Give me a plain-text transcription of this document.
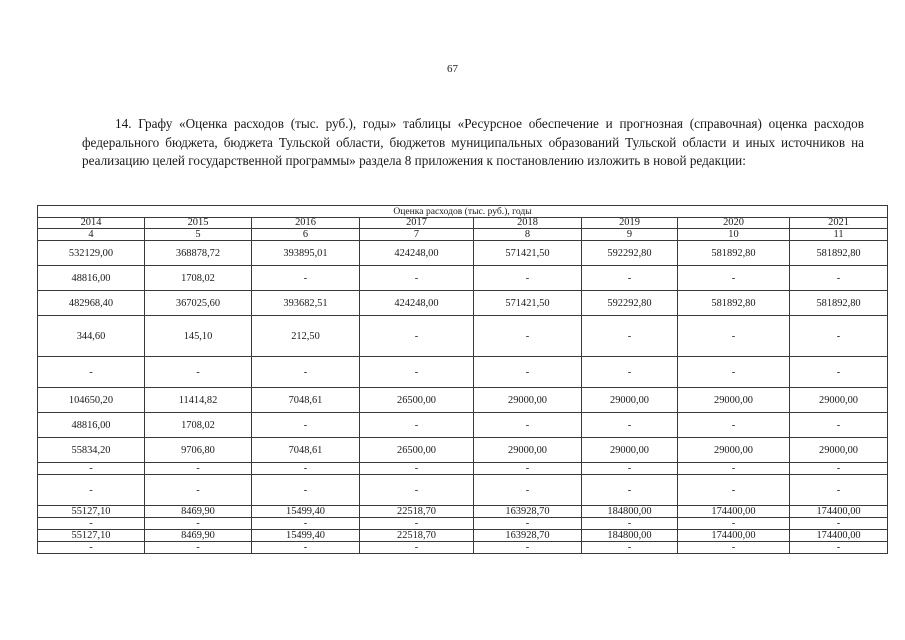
67

14. Графу «Оценка расходов (тыс. руб.), годы» таблицы «Ресурсное обеспечение и прогнозная (справочная) оценка расходов федерального бюджета, бюджета Тульской области, бюджетов муниципальных образований Тульской области и иных источников на реализацию целей государственной программы» раздела 8 приложения к постановлению изложить в новой редакции:

Оценка расходов (тыс. руб.), годы							
2014	2015	2016	2017	2018	2019	2020	2021
4	5	6	7	8	9	10	11
532129,00	368878,72	393895,01	424248,00	571421,50	592292,80	581892,80	581892,80
48816,00	1708,02	-	-	-	-	-	-
482968,40	367025,60	393682,51	424248,00	571421,50	592292,80	581892,80	581892,80
344,60	145,10	212,50	-	-	-	-	-
-	-	-	-	-	-	-	-
104650,20	11414,82	7048,61	26500,00	29000,00	29000,00	29000,00	29000,00
48816,00	1708,02	-	-	-	-	-	-
55834,20	9706,80	7048,61	26500,00	29000,00	29000,00	29000,00	29000,00
-	-	-	-	-	-	-	-
-	-	-	-	-	-	-	-
55127,10	8469,90	15499,40	22518,70	163928,70	184800,00	174400,00	174400,00
-	-	-	-	-	-	-	-
55127,10	8469,90	15499,40	22518,70	163928,70	184800,00	174400,00	174400,00
-	-	-	-	-	-	-	-
